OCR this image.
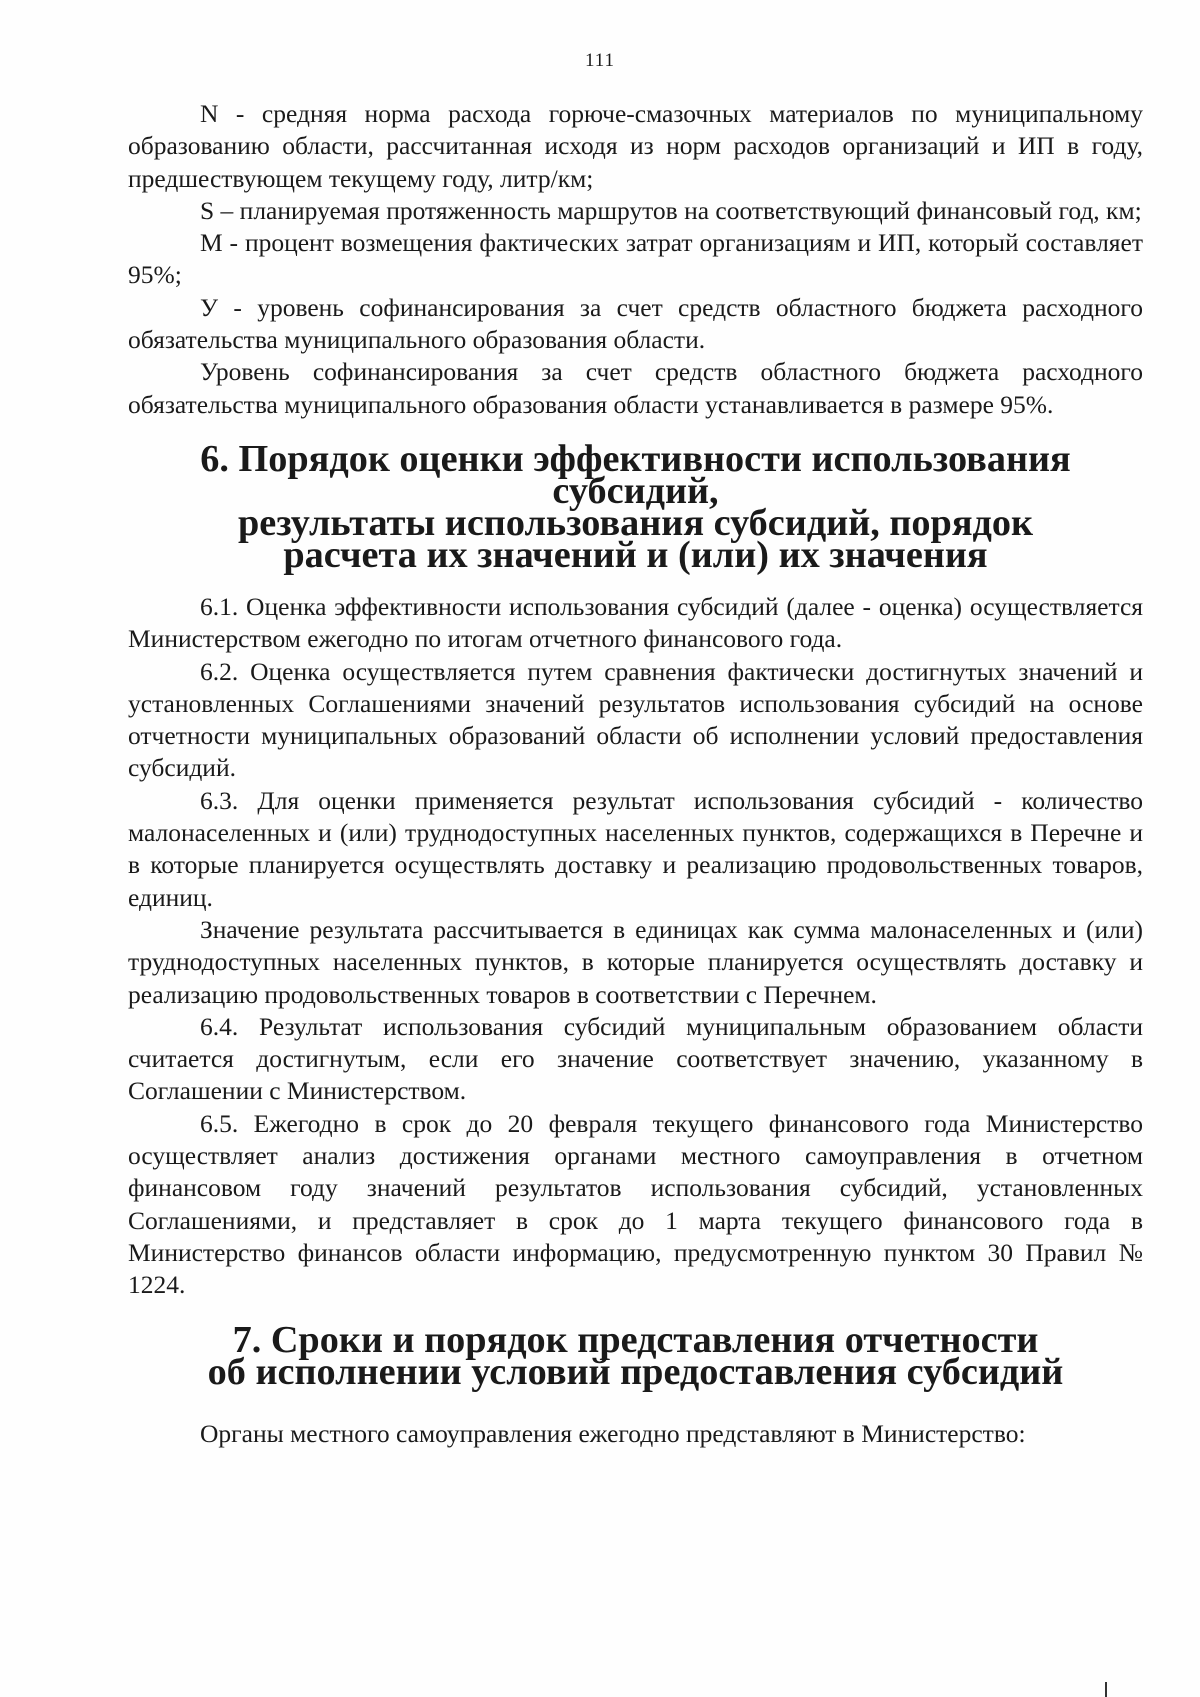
111

N - средняя норма расхода горюче-смазочных материалов по муниципальному образованию области, рассчитанная исходя из норм расходов организаций и ИП в году, предшествующем текущему году, литр/км;

S – планируемая протяженность маршрутов на соответствующий финансовый год, км;

М - процент возмещения фактических затрат организациям и ИП, который составляет 95%;

У - уровень софинансирования за счет средств областного бюджета расходного обязательства муниципального образования области.

Уровень софинансирования за счет средств областного бюджета расходного обязательства муниципального образования области устанавливается в размере 95%.

6. Порядок оценки эффективности использования субсидий,
результаты использования субсидий, порядок
расчета их значений и (или) их значения

6.1. Оценка эффективности использования субсидий (далее - оценка) осуществляется Министерством ежегодно по итогам отчетного финансового года.

6.2. Оценка осуществляется путем сравнения фактически достигнутых значений и установленных Соглашениями значений результатов использования субсидий на основе отчетности муниципальных образований области об исполнении условий предоставления субсидий.

6.3. Для оценки применяется результат использования субсидий - количество малонаселенных и (или) труднодоступных населенных пунктов, содержащихся в Перечне и в которые планируется осуществлять доставку и реализацию продовольственных товаров, единиц.

Значение результата рассчитывается в единицах как сумма малонаселенных и (или) труднодоступных населенных пунктов, в которые планируется осуществлять доставку и реализацию продовольственных товаров в соответствии с Перечнем.

6.4. Результат использования субсидий муниципальным образованием области считается достигнутым, если его значение соответствует значению, указанному в Соглашении с Министерством.

6.5. Ежегодно в срок до 20 февраля текущего финансового года Министерство осуществляет анализ достижения органами местного самоуправления в отчетном финансовом году значений результатов использования субсидий, установленных Соглашениями, и представляет в срок до 1 марта текущего финансового года в Министерство финансов области информацию, предусмотренную пунктом 30 Правил № 1224.

7. Сроки и порядок представления отчетности
об исполнении условий предоставления субсидий

Органы местного самоуправления ежегодно представляют в Министерство:
